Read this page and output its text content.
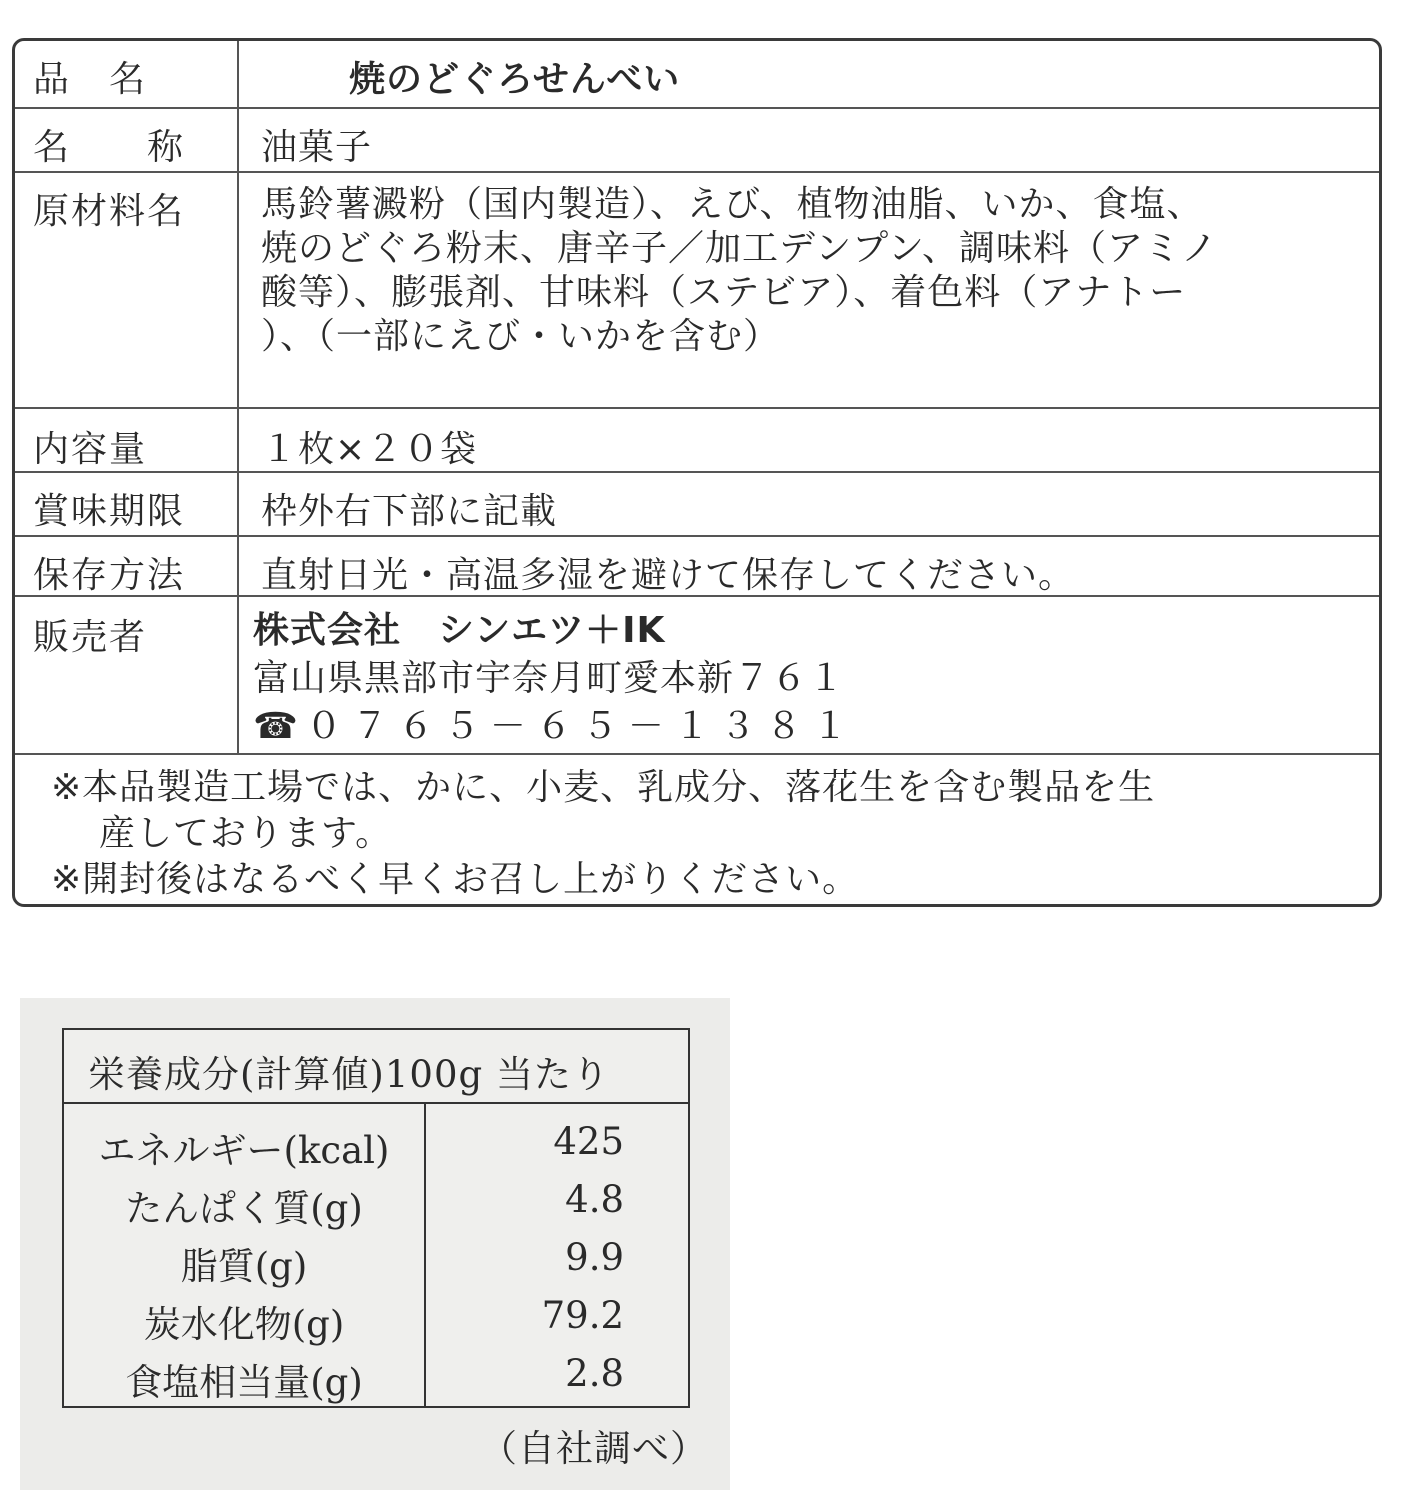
品　名	焼のどぐろせんべい
名　　称	油菓子
原材料名	馬鈴薯澱粉（国内製造）、えび、植物油脂、いか、食塩、
焼のどぐろ粉末、唐辛子／加工デンプン、調味料（アミノ
酸等）、膨張剤、甘味料（ステビア）、着色料（アナトー
）、（一部にえび・いかを含む）
内容量	１枚×２０袋
賞味期限	枠外右下部に記載
保存方法	直射日光・高温多湿を避けて保存してください。
販売者	株式会社　シンエツ＋IK
富山県黒部市宇奈月町愛本新７６１
☎ ０７６５－６５－１３８１
※本品製造工場では、かに、小麦、乳成分、落花生を含む製品を生
産しております。
※開封後はなるべく早くお召し上がりください。
栄養成分(計算値)100g 当たり
エネルギー(kcal)	425
たんぱく質(g)	4.8
脂質(g)	9.9
炭水化物(g)	79.2
食塩相当量(g)	2.8
（自社調べ）
